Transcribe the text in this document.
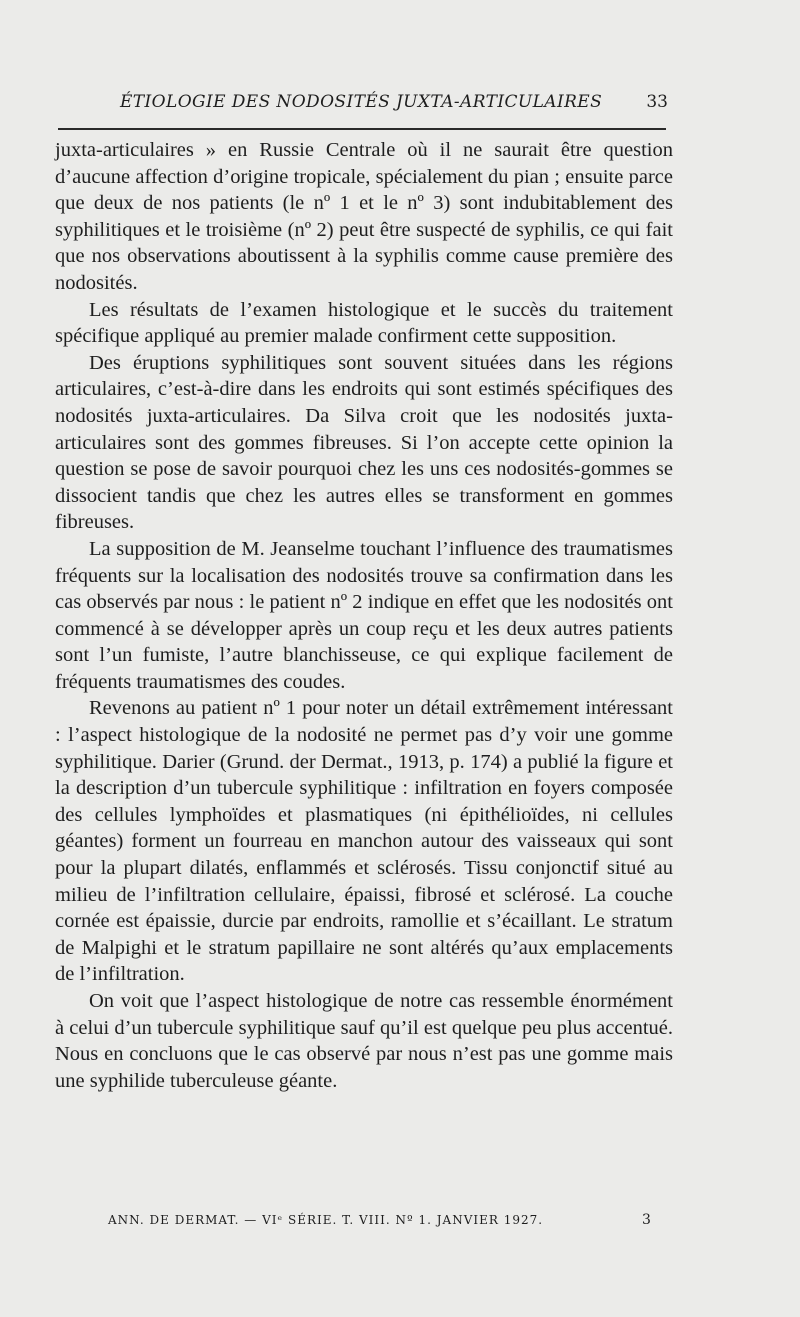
ÉTIOLOGIE DES NODOSITÉS JUXTA-ARTICULAIRES	33

juxta-articulaires » en Russie Centrale où il ne saurait être question d’aucune affection d’origine tropicale, spécialement du pian ; ensuite parce que deux de nos patients (le nº 1 et le nº 3) sont indubitablement des syphilitiques et le troisième (nº 2) peut être suspecté de syphilis, ce qui fait que nos observations aboutissent à la syphilis comme cause première des nodosités.

Les résultats de l’examen histologique et le succès du traitement spécifique appliqué au premier malade confirment cette supposition.

Des éruptions syphilitiques sont souvent situées dans les régions articulaires, c’est-à-dire dans les endroits qui sont estimés spécifiques des nodosités juxta-articulaires. Da Silva croit que les nodosités juxta-articulaires sont des gommes fibreuses. Si l’on accepte cette opinion la question se pose de savoir pourquoi chez les uns ces nodosités-gommes se dissocient tandis que chez les autres elles se transforment en gommes fibreuses.

La supposition de M. Jeanselme touchant l’influence des traumatismes fréquents sur la localisation des nodosités trouve sa confirmation dans les cas observés par nous : le patient nº 2 indique en effet que les nodosités ont commencé à se développer après un coup reçu et les deux autres patients sont l’un fumiste, l’autre blanchisseuse, ce qui explique facilement de fréquents traumatismes des coudes.

Revenons au patient nº 1 pour noter un détail extrêmement intéressant : l’aspect histologique de la nodosité ne permet pas d’y voir une gomme syphilitique. Darier (Grund. der Dermat., 1913, p. 174) a publié la figure et la description d’un tubercule syphilitique : infiltration en foyers composée des cellules lymphoïdes et plasmatiques (ni épithélioïdes, ni cellules géantes) forment un fourreau en manchon autour des vaisseaux qui sont pour la plupart dilatés, enflammés et sclérosés. Tissu conjonctif situé au milieu de l’infiltration cellulaire, épaissi, fibrosé et sclérosé. La couche cornée est épaissie, durcie par endroits, ramollie et s’écaillant. Le stratum de Malpighi et le stratum papillaire ne sont altérés qu’aux emplacements de l’infiltration.

On voit que l’aspect histologique de notre cas ressemble énormément à celui d’un tubercule syphilitique sauf qu’il est quelque peu plus accentué. Nous en concluons que le cas observé par nous n’est pas une gomme mais une syphilide tuberculeuse géante.

ANN. DE DERMAT. — VIᵉ SÉRIE. T. VIII. Nº 1. JANVIER 1927.	3
